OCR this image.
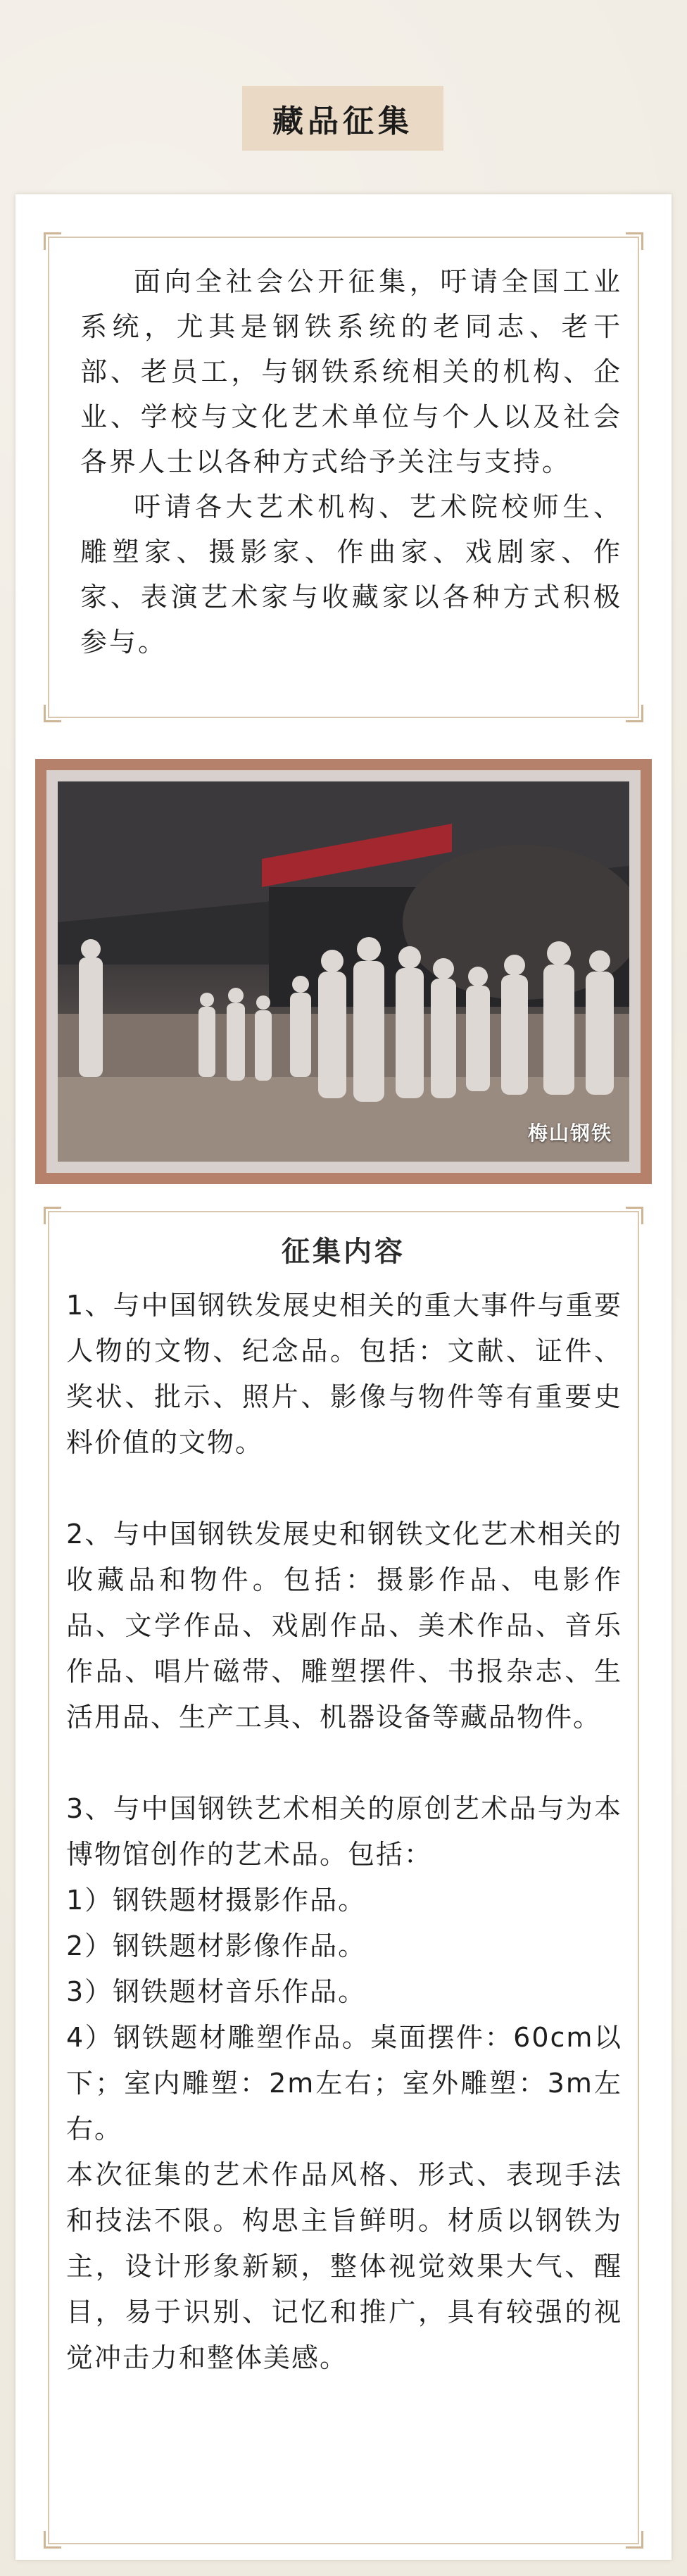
藏品征集

面向全社会公开征集，吁请全国工业系统，尤其是钢铁系统的老同志、老干部、老员工，与钢铁系统相关的机构、企业、学校与文化艺术单位与个人以及社会各界人士以各种方式给予关注与支持。

吁请各大艺术机构、艺术院校师生、雕塑家、摄影家、作曲家、戏剧家、作家、表演艺术家与收藏家以各种方式积极参与。

梅山钢铁
征集内容

1、与中国钢铁发展史相关的重大事件与重要人物的文物、纪念品。包括：文献、证件、奖状、批示、照片、影像与物件等有重要史料价值的文物。

2、与中国钢铁发展史和钢铁文化艺术相关的收藏品和物件。包括：摄影作品、电影作品、文学作品、戏剧作品、美术作品、音乐作品、唱片磁带、雕塑摆件、书报杂志、生活用品、生产工具、机器设备等藏品物件。

3、与中国钢铁艺术相关的原创艺术品与为本博物馆创作的艺术品。包括：

1）钢铁题材摄影作品。

2）钢铁题材影像作品。

3）钢铁题材音乐作品。

4）钢铁题材雕塑作品。桌面摆件：60cm以下；室内雕塑：2m左右；室外雕塑：3m左右。

本次征集的艺术作品风格、形式、表现手法和技法不限。构思主旨鲜明。材质以钢铁为主，设计形象新颖，整体视觉效果大气、醒目，易于识别、记忆和推广，具有较强的视觉冲击力和整体美感。
